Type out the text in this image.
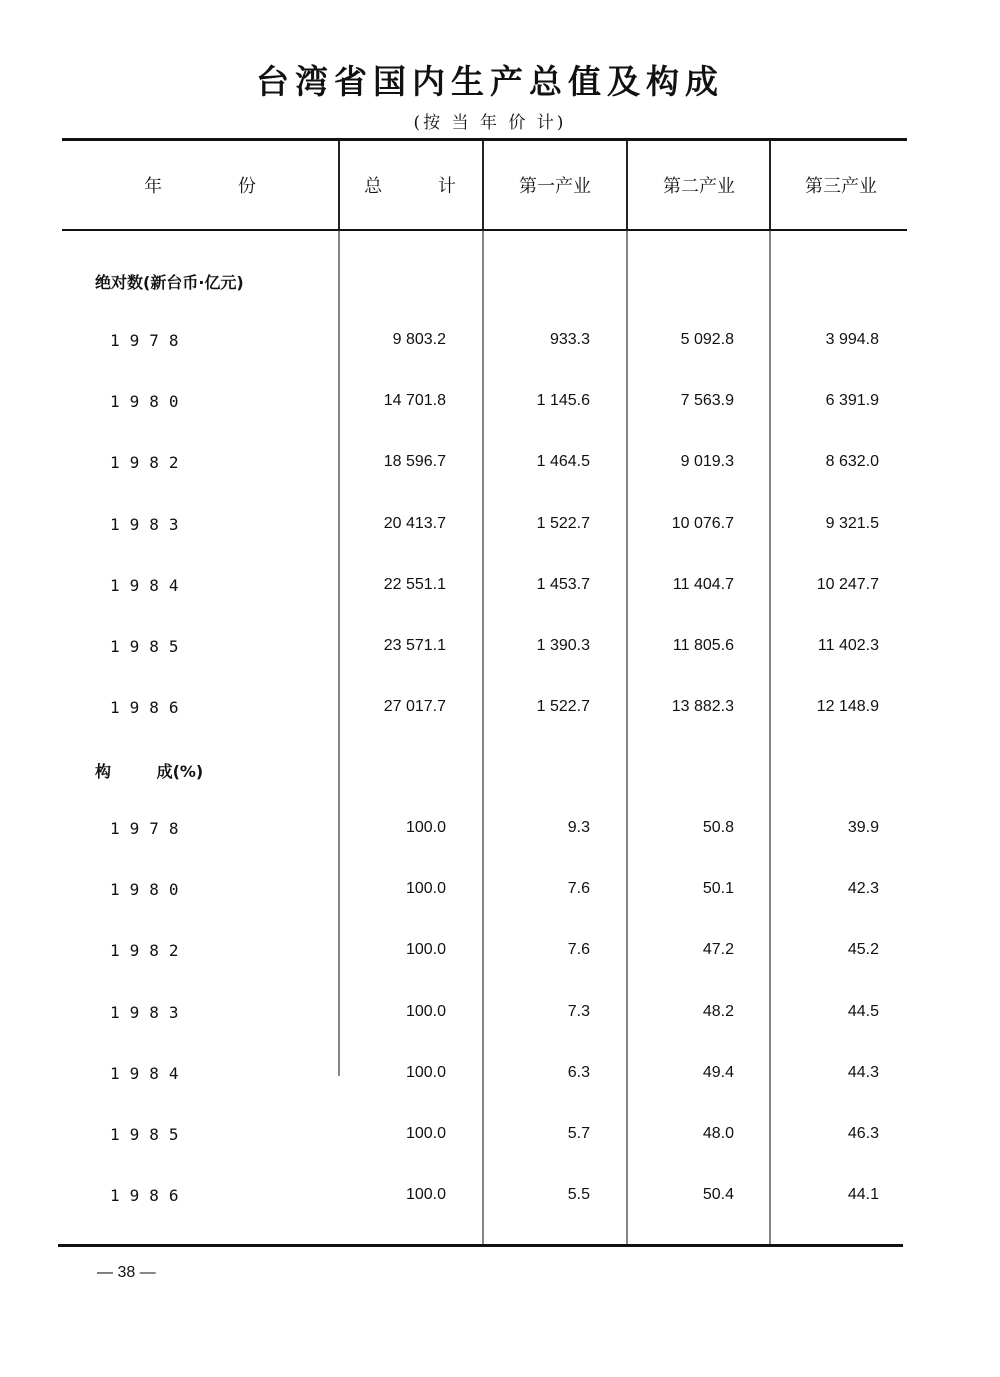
台湾省国内生产总值及构成
(按 当 年 价 计)
年 份	总 计	第一产业	第二产业	第三产业
绝对数(新台币·亿元)
构 成(%)
1978	9 803.2	933.3	5 092.8	3 994.8
1980	14 701.8	1 145.6	7 563.9	6 391.9
1982	18 596.7	1 464.5	9 019.3	8 632.0
1983	20 413.7	1 522.7	10 076.7	9 321.5
1984	22 551.1	1 453.7	11 404.7	10 247.7
1985	23 571.1	1 390.3	11 805.6	11 402.3
1986	27 017.7	1 522.7	13 882.3	12 148.9
1978	100.0	9.3	50.8	39.9
1980	100.0	7.6	50.1	42.3
1982	100.0	7.6	47.2	45.2
1983	100.0	7.3	48.2	44.5
1984	100.0	6.3	49.4	44.3
1985	100.0	5.7	48.0	46.3
1986	100.0	5.5	50.4	44.1
— 38 —
